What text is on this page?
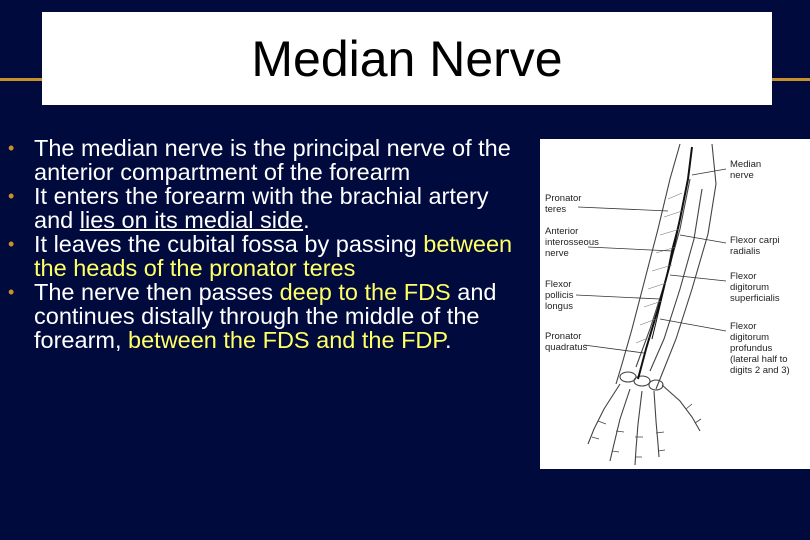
Median Nerve
• The median nerve is the principal nerve of the anterior compartment of the forearm
• It enters the forearm with the brachial artery and lies on its medial side.
• It leaves the cubital fossa by passing between the heads of the pronator teres
• The nerve then passes deep to the FDS and continues distally through the middle of the forearm, between the FDS and the FDP.
Pronator
teres
Anterior
interosseous
nerve
Flexor
pollicis
longus
Pronator
quadratus
Median
nerve
Flexor carpi
radialis
Flexor
digitorum
superficialis
Flexor
digitorum
profundus
(lateral half to
digits 2 and 3)
